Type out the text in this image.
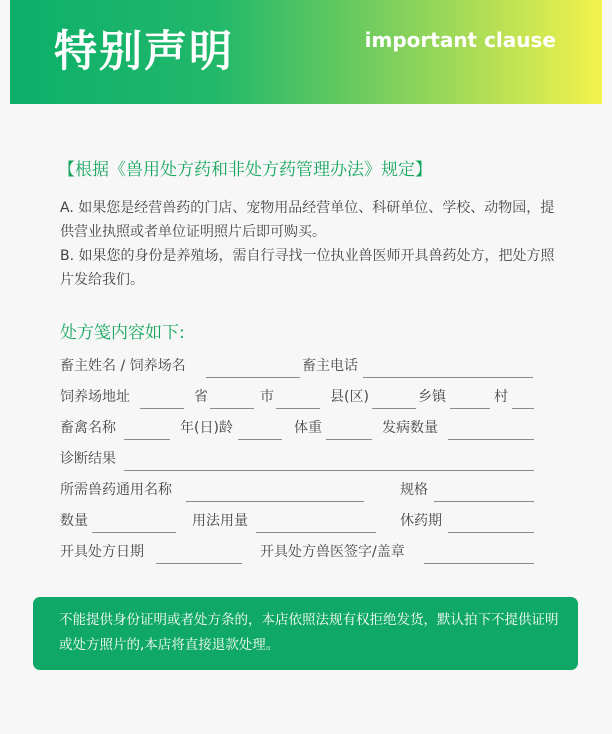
特别声明	important clause
【根据《兽用处方药和非处方药管理办法》规定】
A. 如果您是经营兽药的门店、宠物用品经营单位、科研单位、学校、动物园，提供营业执照或者单位证明照片后即可购买。
B. 如果您的身份是养殖场，需自行寻找一位执业兽医师开具兽药处方，把处方照片发给我们。
处方笺内容如下:
畜主姓名 / 饲养场名	畜主电话
饲养场地址	省	市	县(区)	乡镇	村
畜禽名称	年(日)龄	体重	发病数量
诊断结果
所需兽药通用名称	规格
数量	用法用量	休药期
开具处方日期	开具处方兽医签字/盖章
不能提供身份证明或者处方条的，本店依照法规有权拒绝发货，默认拍下不提供证明或处方照片的,本店将直接退款处理。
